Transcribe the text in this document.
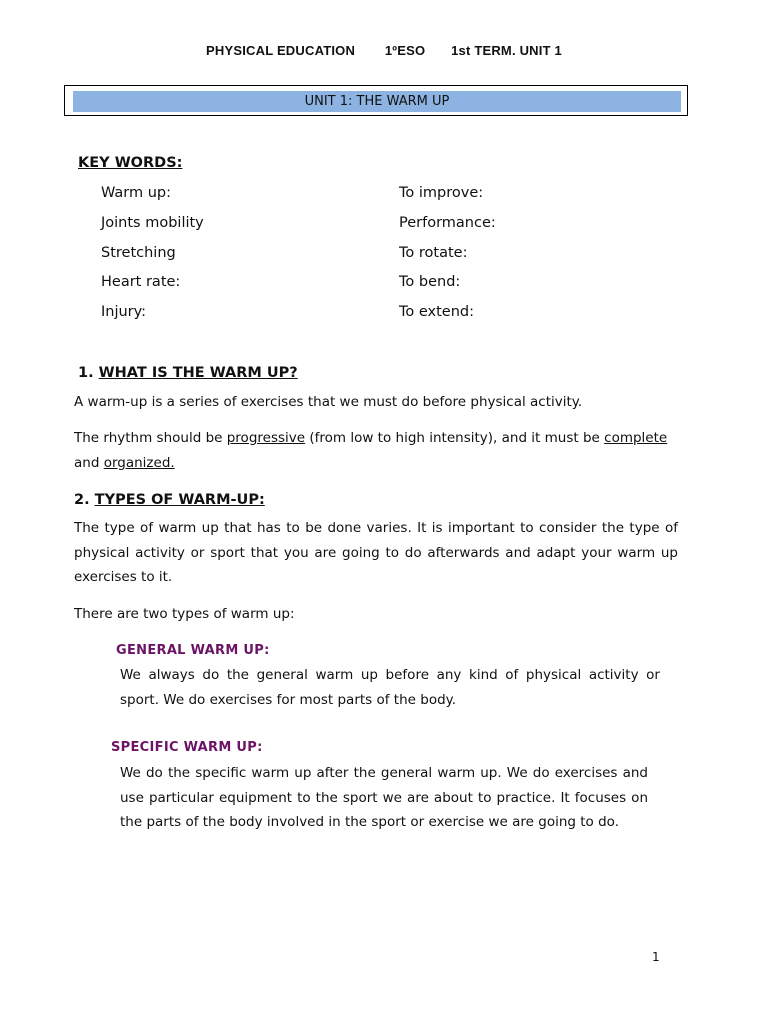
PHYSICAL EDUCATION 1ºESO 1st TERM. UNIT 1
UNIT 1: THE WARM UP
KEY WORDS:
Warm up:
Joints mobility
Stretching
Heart rate:
Injury:
To improve:
Performance:
To rotate:
To bend:
To extend:
1. WHAT IS THE WARM UP?
A warm-up is a series of exercises that we must do before physical activity.
The rhythm should be progressive (from low to high intensity), and it must be complete
and organized.
2. TYPES OF WARM-UP:
The type of warm up that has to be done varies. It is important to consider the type of physical activity or sport that you are going to do afterwards and adapt your warm up exercises to it.
There are two types of warm up:
GENERAL WARM UP:
We always do the general warm up before any kind of physical activity or sport. We do exercises for most parts of the body.
SPECIFIC WARM UP:
We do the specific warm up after the general warm up. We do exercises and use particular equipment to the sport we are about to practice. It focuses on the parts of the body involved in the sport or exercise we are going to do.
1
